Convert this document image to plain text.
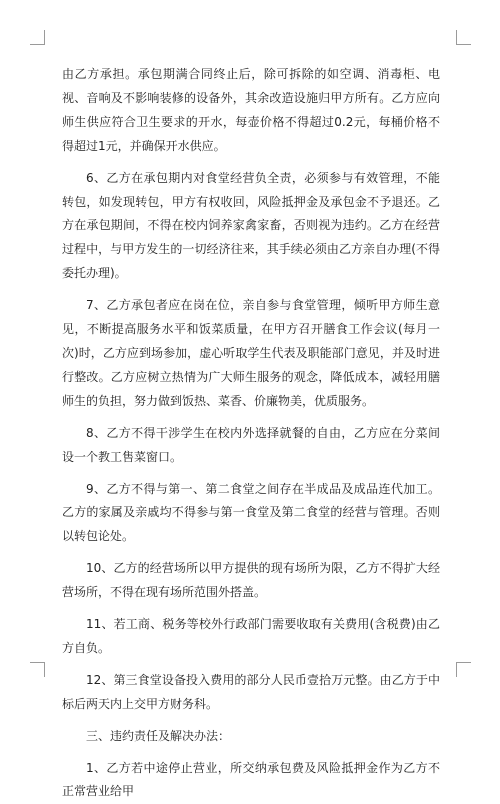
由乙方承担。承包期满合同终止后，除可拆除的如空调、消毒柜、电视、音响及不影响装修的设备外，其余改造设施归甲方所有。乙方应向师生供应符合卫生要求的开水，每壶价格不得超过0.2元，每桶价格不得超过1元，并确保开水供应。

6、乙方在承包期内对食堂经营负全责，必须参与有效管理，不能转包，如发现转包，甲方有权收回，风险抵押金及承包金不予退还。乙方在承包期间，不得在校内饲养家禽家畜，否则视为违约。乙方在经营过程中，与甲方发生的一切经济往来，其手续必须由乙方亲自办理(不得委托办理)。

7、乙方承包者应在岗在位，亲自参与食堂管理，倾听甲方师生意见，不断提高服务水平和饭菜质量，在甲方召开膳食工作会议(每月一次)时，乙方应到场参加，虚心听取学生代表及职能部门意见，并及时进行整改。乙方应树立热情为广大师生服务的观念，降低成本，减轻用膳师生的负担，努力做到饭热、菜香、价廉物美，优质服务。

8、乙方不得干涉学生在校内外选择就餐的自由，乙方应在分菜间设一个教工售菜窗口。

9、乙方不得与第一、第二食堂之间存在半成品及成品连代加工。乙方的家属及亲戚均不得参与第一食堂及第二食堂的经营与管理。否则以转包论处。

10、乙方的经营场所以甲方提供的现有场所为限，乙方不得扩大经营场所，不得在现有场所范围外搭盖。

11、若工商、税务等校外行政部门需要收取有关费用(含税费)由乙方自负。

12、第三食堂设备投入费用的部分人民币壹拾万元整。由乙方于中标后两天内上交甲方财务科。

三、违约责任及解决办法：

1、乙方若中途停止营业，所交纳承包费及风险抵押金作为乙方不正常营业给甲
